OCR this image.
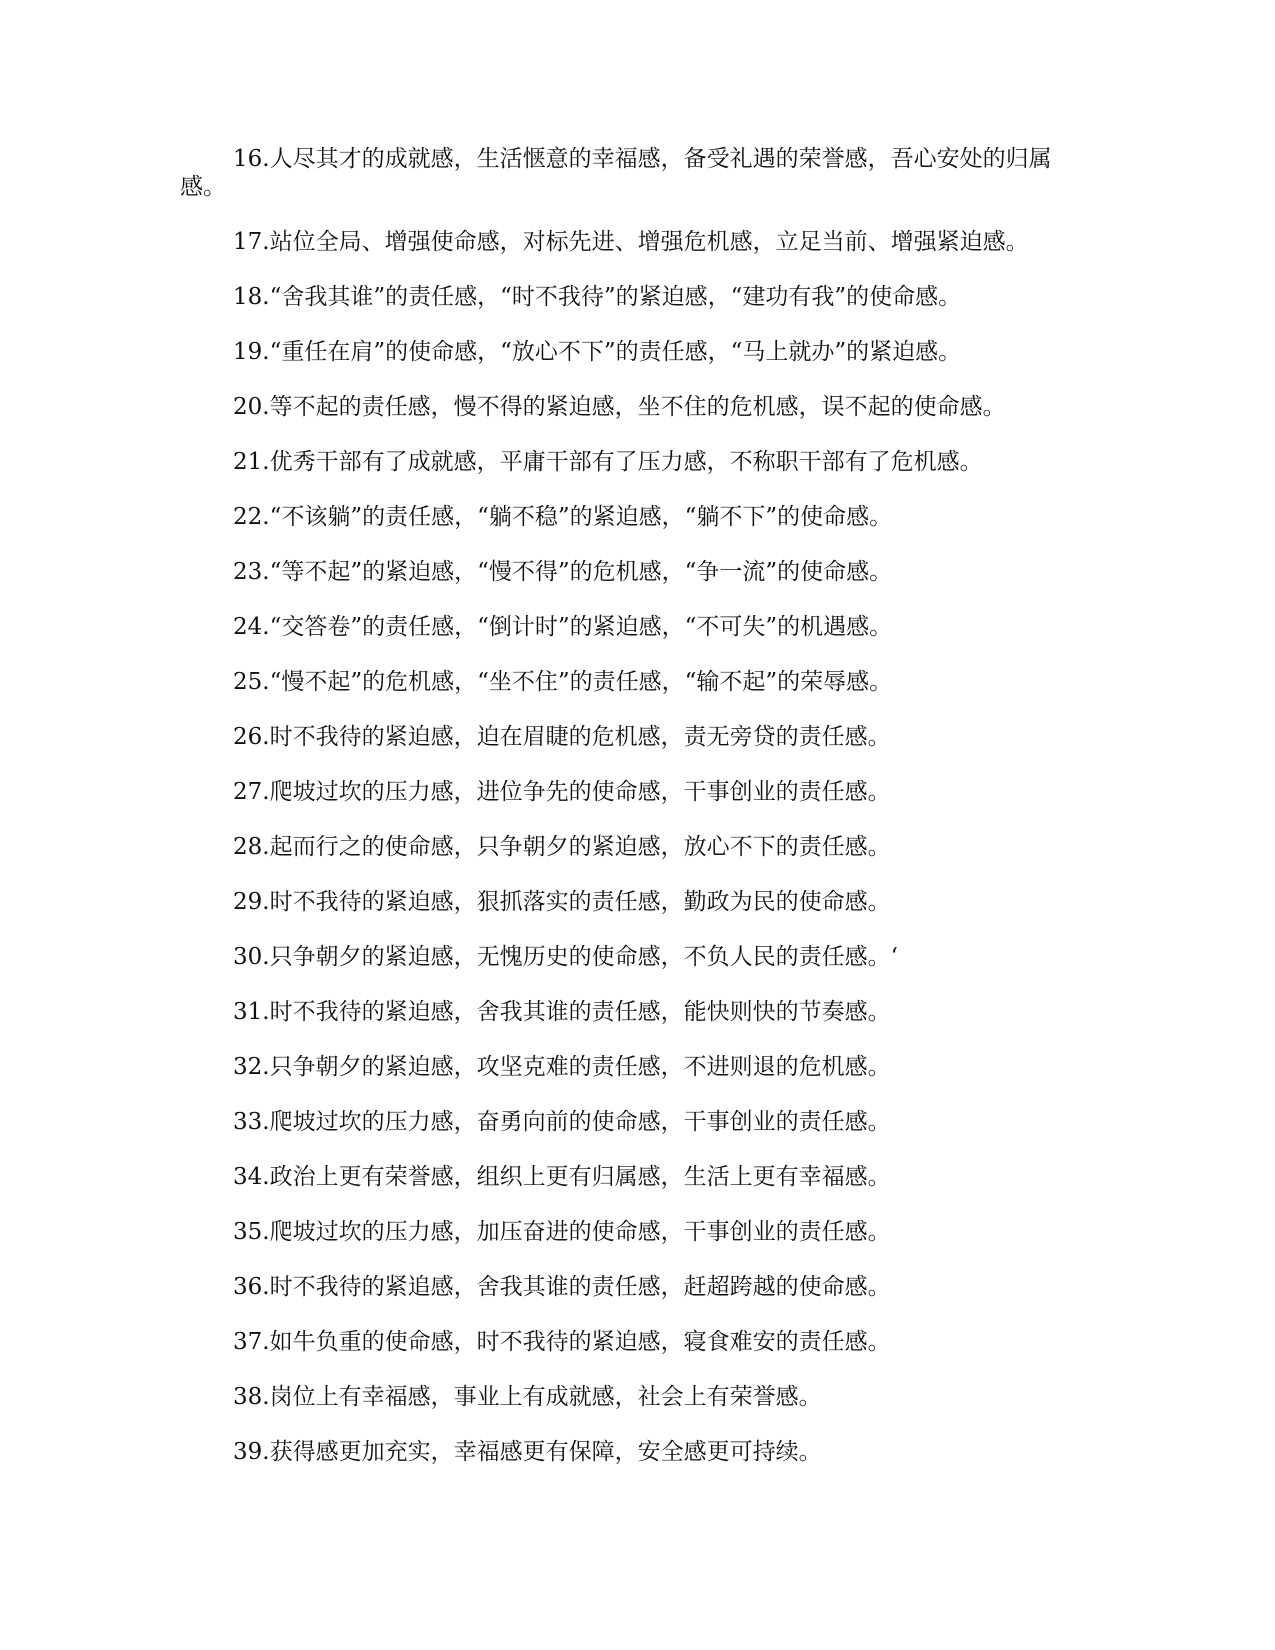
16.人尽其才的成就感，生活惬意的幸福感，备受礼遇的荣誉感，吾心安处的归属感。

17.站位全局、增强使命感，对标先进、增强危机感，立足当前、增强紧迫感。

18.“舍我其谁”的责任感，“时不我待”的紧迫感，“建功有我”的使命感。

19.“重任在肩”的使命感，“放心不下”的责任感，“马上就办”的紧迫感。

20.等不起的责任感，慢不得的紧迫感，坐不住的危机感，误不起的使命感。

21.优秀干部有了成就感，平庸干部有了压力感，不称职干部有了危机感。

22.“不该躺”的责任感，“躺不稳”的紧迫感，“躺不下”的使命感。

23.“等不起”的紧迫感，“慢不得”的危机感，“争一流”的使命感。

24.“交答卷”的责任感，“倒计时”的紧迫感，“不可失”的机遇感。

25.“慢不起”的危机感，“坐不住”的责任感，“输不起”的荣辱感。

26.时不我待的紧迫感，迫在眉睫的危机感，责无旁贷的责任感。

27.爬坡过坎的压力感，进位争先的使命感，干事创业的责任感。

28.起而行之的使命感，只争朝夕的紧迫感，放心不下的责任感。

29.时不我待的紧迫感，狠抓落实的责任感，勤政为民的使命感。

30.只争朝夕的紧迫感，无愧历史的使命感，不负人民的责任感。‘

31.时不我待的紧迫感，舍我其谁的责任感，能快则快的节奏感。

32.只争朝夕的紧迫感，攻坚克难的责任感，不进则退的危机感。

33.爬坡过坎的压力感，奋勇向前的使命感，干事创业的责任感。

34.政治上更有荣誉感，组织上更有归属感，生活上更有幸福感。

35.爬坡过坎的压力感，加压奋进的使命感，干事创业的责任感。

36.时不我待的紧追感，舍我其谁的责任感，赶超跨越的使命感。

37.如牛负重的使命感，时不我待的紧迫感，寝食难安的责任感。

38.岗位上有幸福感，事业上有成就感，社会上有荣誉感。

39.获得感更加充实，幸福感更有保障，安全感更可持续。
